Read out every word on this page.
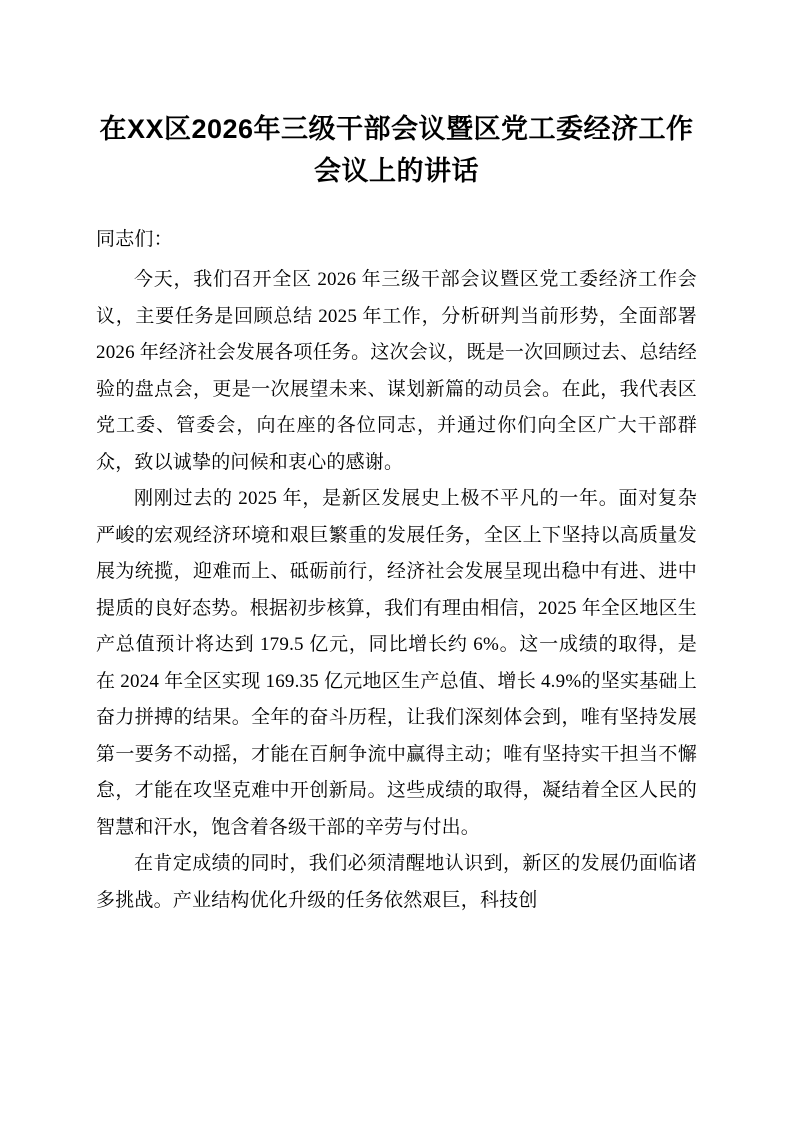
在XX区2026年三级干部会议暨区党工委经济工作会议上的讲话

同志们：

今天，我们召开全区 2026 年三级干部会议暨区党工委经济工作会议，主要任务是回顾总结 2025 年工作，分析研判当前形势，全面部署 2026 年经济社会发展各项任务。这次会议，既是一次回顾过去、总结经验的盘点会，更是一次展望未来、谋划新篇的动员会。在此，我代表区党工委、管委会，向在座的各位同志，并通过你们向全区广大干部群众，致以诚挚的问候和衷心的感谢。

刚刚过去的 2025 年，是新区发展史上极不平凡的一年。面对复杂严峻的宏观经济环境和艰巨繁重的发展任务，全区上下坚持以高质量发展为统揽，迎难而上、砥砺前行，经济社会发展呈现出稳中有进、进中提质的良好态势。根据初步核算，我们有理由相信，2025 年全区地区生产总值预计将达到 179.5 亿元，同比增长约 6%。这一成绩的取得，是在 2024 年全区实现 169.35 亿元地区生产总值、增长 4.9%的坚实基础上奋力拼搏的结果。全年的奋斗历程，让我们深刻体会到，唯有坚持发展第一要务不动摇，才能在百舸争流中赢得主动；唯有坚持实干担当不懈怠，才能在攻坚克难中开创新局。这些成绩的取得，凝结着全区人民的智慧和汗水，饱含着各级干部的辛劳与付出。

在肯定成绩的同时，我们必须清醒地认识到，新区的发展仍面临诸多挑战。产业结构优化升级的任务依然艰巨，科技创
